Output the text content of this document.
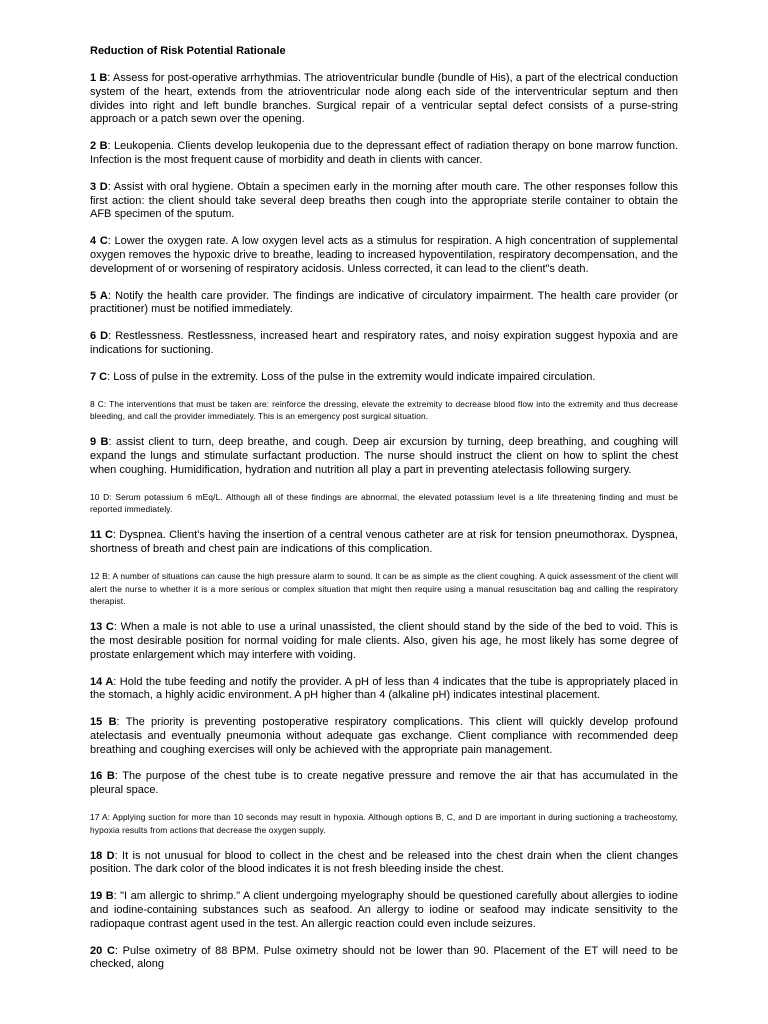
Reduction of Risk Potential Rationale

1 B: Assess for post-operative arrhythmias. The atrioventricular bundle (bundle of His), a part of the electrical conduction system of the heart, extends from the atrioventricular node along each side of the interventricular septum and then divides into right and left bundle branches. Surgical repair of a ventricular septal defect consists of a purse-string approach or a patch sewn over the opening.

2 B: Leukopenia. Clients develop leukopenia due to the depressant effect of radiation therapy on bone marrow function. Infection is the most frequent cause of morbidity and death in clients with cancer.

3 D: Assist with oral hygiene. Obtain a specimen early in the morning after mouth care. The other responses follow this first action: the client should take several deep breaths then cough into the appropriate sterile container to obtain the AFB specimen of the sputum.

4 C: Lower the oxygen rate. A low oxygen level acts as a stimulus for respiration. A high concentration of supplemental oxygen removes the hypoxic drive to breathe, leading to increased hypoventilation, respiratory decompensation, and the development of or worsening of respiratory acidosis. Unless corrected, it can lead to the client"s death.

5 A: Notify the health care provider. The findings are indicative of circulatory impairment. The health care provider (or practitioner) must be notified immediately.

6 D: Restlessness. Restlessness, increased heart and respiratory rates, and noisy expiration suggest hypoxia and are indications for suctioning.

7 C: Loss of pulse in the extremity. Loss of the pulse in the extremity would indicate impaired circulation.

8 C: The interventions that must be taken are: reinforce the dressing, elevate the extremity to decrease blood flow into the extremity and thus decrease bleeding, and call the provider immediately. This is an emergency post surgical situation.

9 B: assist client to turn, deep breathe, and cough. Deep air excursion by turning, deep breathing, and coughing will expand the lungs and stimulate surfactant production. The nurse should instruct the client on how to splint the chest when coughing. Humidification, hydration and nutrition all play a part in preventing atelectasis following surgery.

10 D: Serum potassium 6 mEq/L. Although all of these findings are abnormal, the elevated potassium level is a life threatening finding and must be reported immediately.

11 C: Dyspnea. Client's having the insertion of a central venous catheter are at risk for tension pneumothorax. Dyspnea, shortness of breath and chest pain are indications of this complication.

12 B: A number of situations can cause the high pressure alarm to sound. It can be as simple as the client coughing. A quick assessment of the client will alert the nurse to whether it is a more serious or complex situation that might then require using a manual resuscitation bag and calling the respiratory therapist.

13 C: When a male is not able to use a urinal unassisted, the client should stand by the side of the bed to void. This is the most desirable position for normal voiding for male clients. Also, given his age, he most likely has some degree of prostate enlargement which may interfere with voiding.

14 A: Hold the tube feeding and notify the provider. A pH of less than 4 indicates that the tube is appropriately placed in the stomach, a highly acidic environment. A pH higher than 4 (alkaline pH) indicates intestinal placement.

15 B: The priority is preventing postoperative respiratory complications. This client will quickly develop profound atelectasis and eventually pneumonia without adequate gas exchange. Client compliance with recommended deep breathing and coughing exercises will only be achieved with the appropriate pain management.

16 B: The purpose of the chest tube is to create negative pressure and remove the air that has accumulated in the pleural space.

17 A: Applying suction for more than 10 seconds may result in hypoxia. Although options B, C, and D are important in during suctioning a tracheostomy, hypoxia results from actions that decrease the oxygen supply.

18 D: It is not unusual for blood to collect in the chest and be released into the chest drain when the client changes position. The dark color of the blood indicates it is not fresh bleeding inside the chest.

19 B: "I am allergic to shrimp." A client undergoing myelography should be questioned carefully about allergies to iodine and iodine-containing substances such as seafood. An allergy to iodine or seafood may indicate sensitivity to the radiopaque contrast agent used in the test. An allergic reaction could even include seizures.

20 C: Pulse oximetry of 88 BPM. Pulse oximetry should not be lower than 90. Placement of the ET will need to be checked, along
